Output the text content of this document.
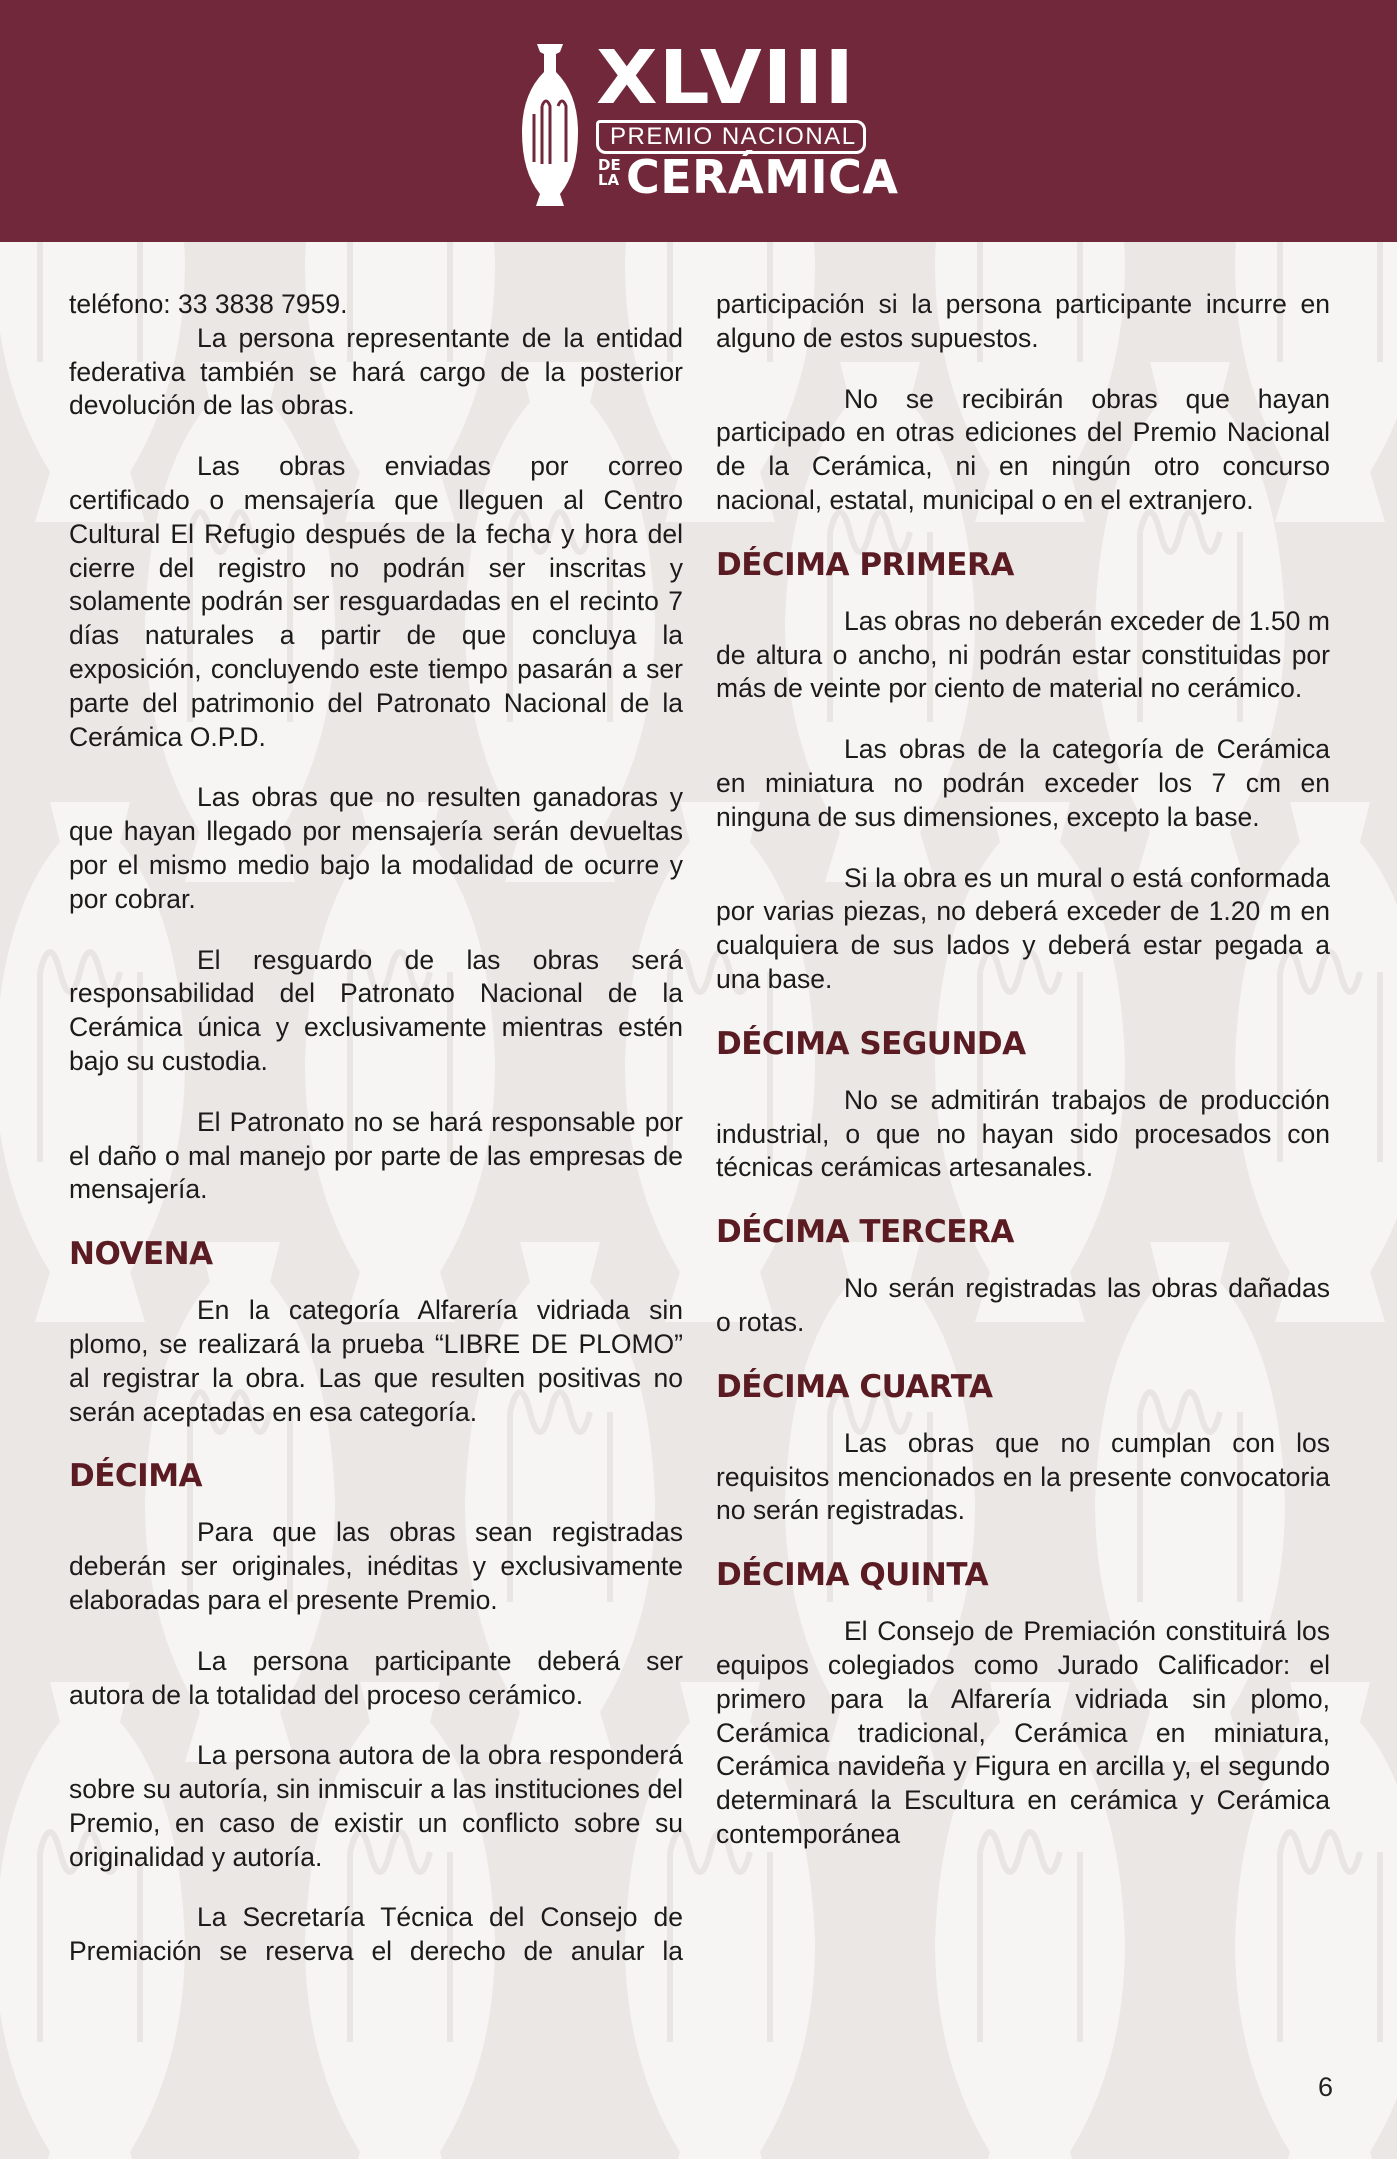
XLVIII
PREMIO NACIONAL
DE
LA CERÁMICA

teléfono: 33 3838 7959.

La persona representante de la entidad federativa también se hará cargo de la posterior devolución de las obras.

Las obras enviadas por correo certificado o mensajería que lleguen al Centro Cultural El Refugio después de la fecha y hora del cierre del registro no podrán ser inscritas y solamente podrán ser resguardadas en el recinto 7 días naturales a partir de que concluya la exposición, concluyendo este tiempo pasarán a ser parte del patrimonio del Patronato Nacional de la Cerámica O.P.D.

Las obras que no resulten ganadoras y que hayan llegado por mensajería serán devueltas por el mismo medio bajo la modalidad de ocurre y por cobrar.

El resguardo de las obras será responsabilidad del Patronato Nacional de la Cerámica única y exclusivamente mientras estén bajo su custodia.

El Patronato no se hará responsable por el daño o mal manejo por parte de las empresas de mensajería.

NOVENA

En la categoría Alfarería vidriada sin plomo, se realizará la prueba “LIBRE DE PLOMO” al registrar la obra. Las que resulten positivas no serán aceptadas en esa categoría.

DÉCIMA

Para que las obras sean registradas deberán ser originales, inéditas y exclusivamente elaboradas para el presente Premio.

La persona participante deberá ser autora de la totalidad del proceso cerámico.

La persona autora de la obra responderá sobre su autoría, sin inmiscuir a las instituciones del Premio, en caso de existir un conflicto sobre su originalidad y autoría.

La Secretaría Técnica del Consejo de Premiación se reserva el derecho de anular la

participación si la persona participante incurre en alguno de estos supuestos.

No se recibirán obras que hayan participado en otras ediciones del Premio Nacional de la Cerámica, ni en ningún otro concurso nacional, estatal, municipal o en el extranjero.

DÉCIMA PRIMERA

Las obras no deberán exceder de 1.50 m de altura o ancho, ni podrán estar constituidas por más de veinte por ciento de material no cerámico.

Las obras de la categoría de Cerámica en miniatura no podrán exceder los 7 cm en ninguna de sus dimensiones, excepto la base.

Si la obra es un mural o está conformada por varias piezas, no deberá exceder de 1.20 m en cualquiera de sus lados y deberá estar pegada a una base.

DÉCIMA SEGUNDA

No se admitirán trabajos de producción industrial, o que no hayan sido procesados con técnicas cerámicas artesanales.

DÉCIMA TERCERA

No serán registradas las obras dañadas o rotas.

DÉCIMA CUARTA

Las obras que no cumplan con los requisitos mencionados en la presente convocatoria no serán registradas.

DÉCIMA QUINTA

El Consejo de Premiación constituirá los equipos colegiados como Jurado Calificador: el primero para la Alfarería vidriada sin plomo, Cerámica tradicional, Cerámica en miniatura, Cerámica navideña y Figura en arcilla y, el segundo determinará la Escultura en cerámica y Cerámica contemporánea

6
